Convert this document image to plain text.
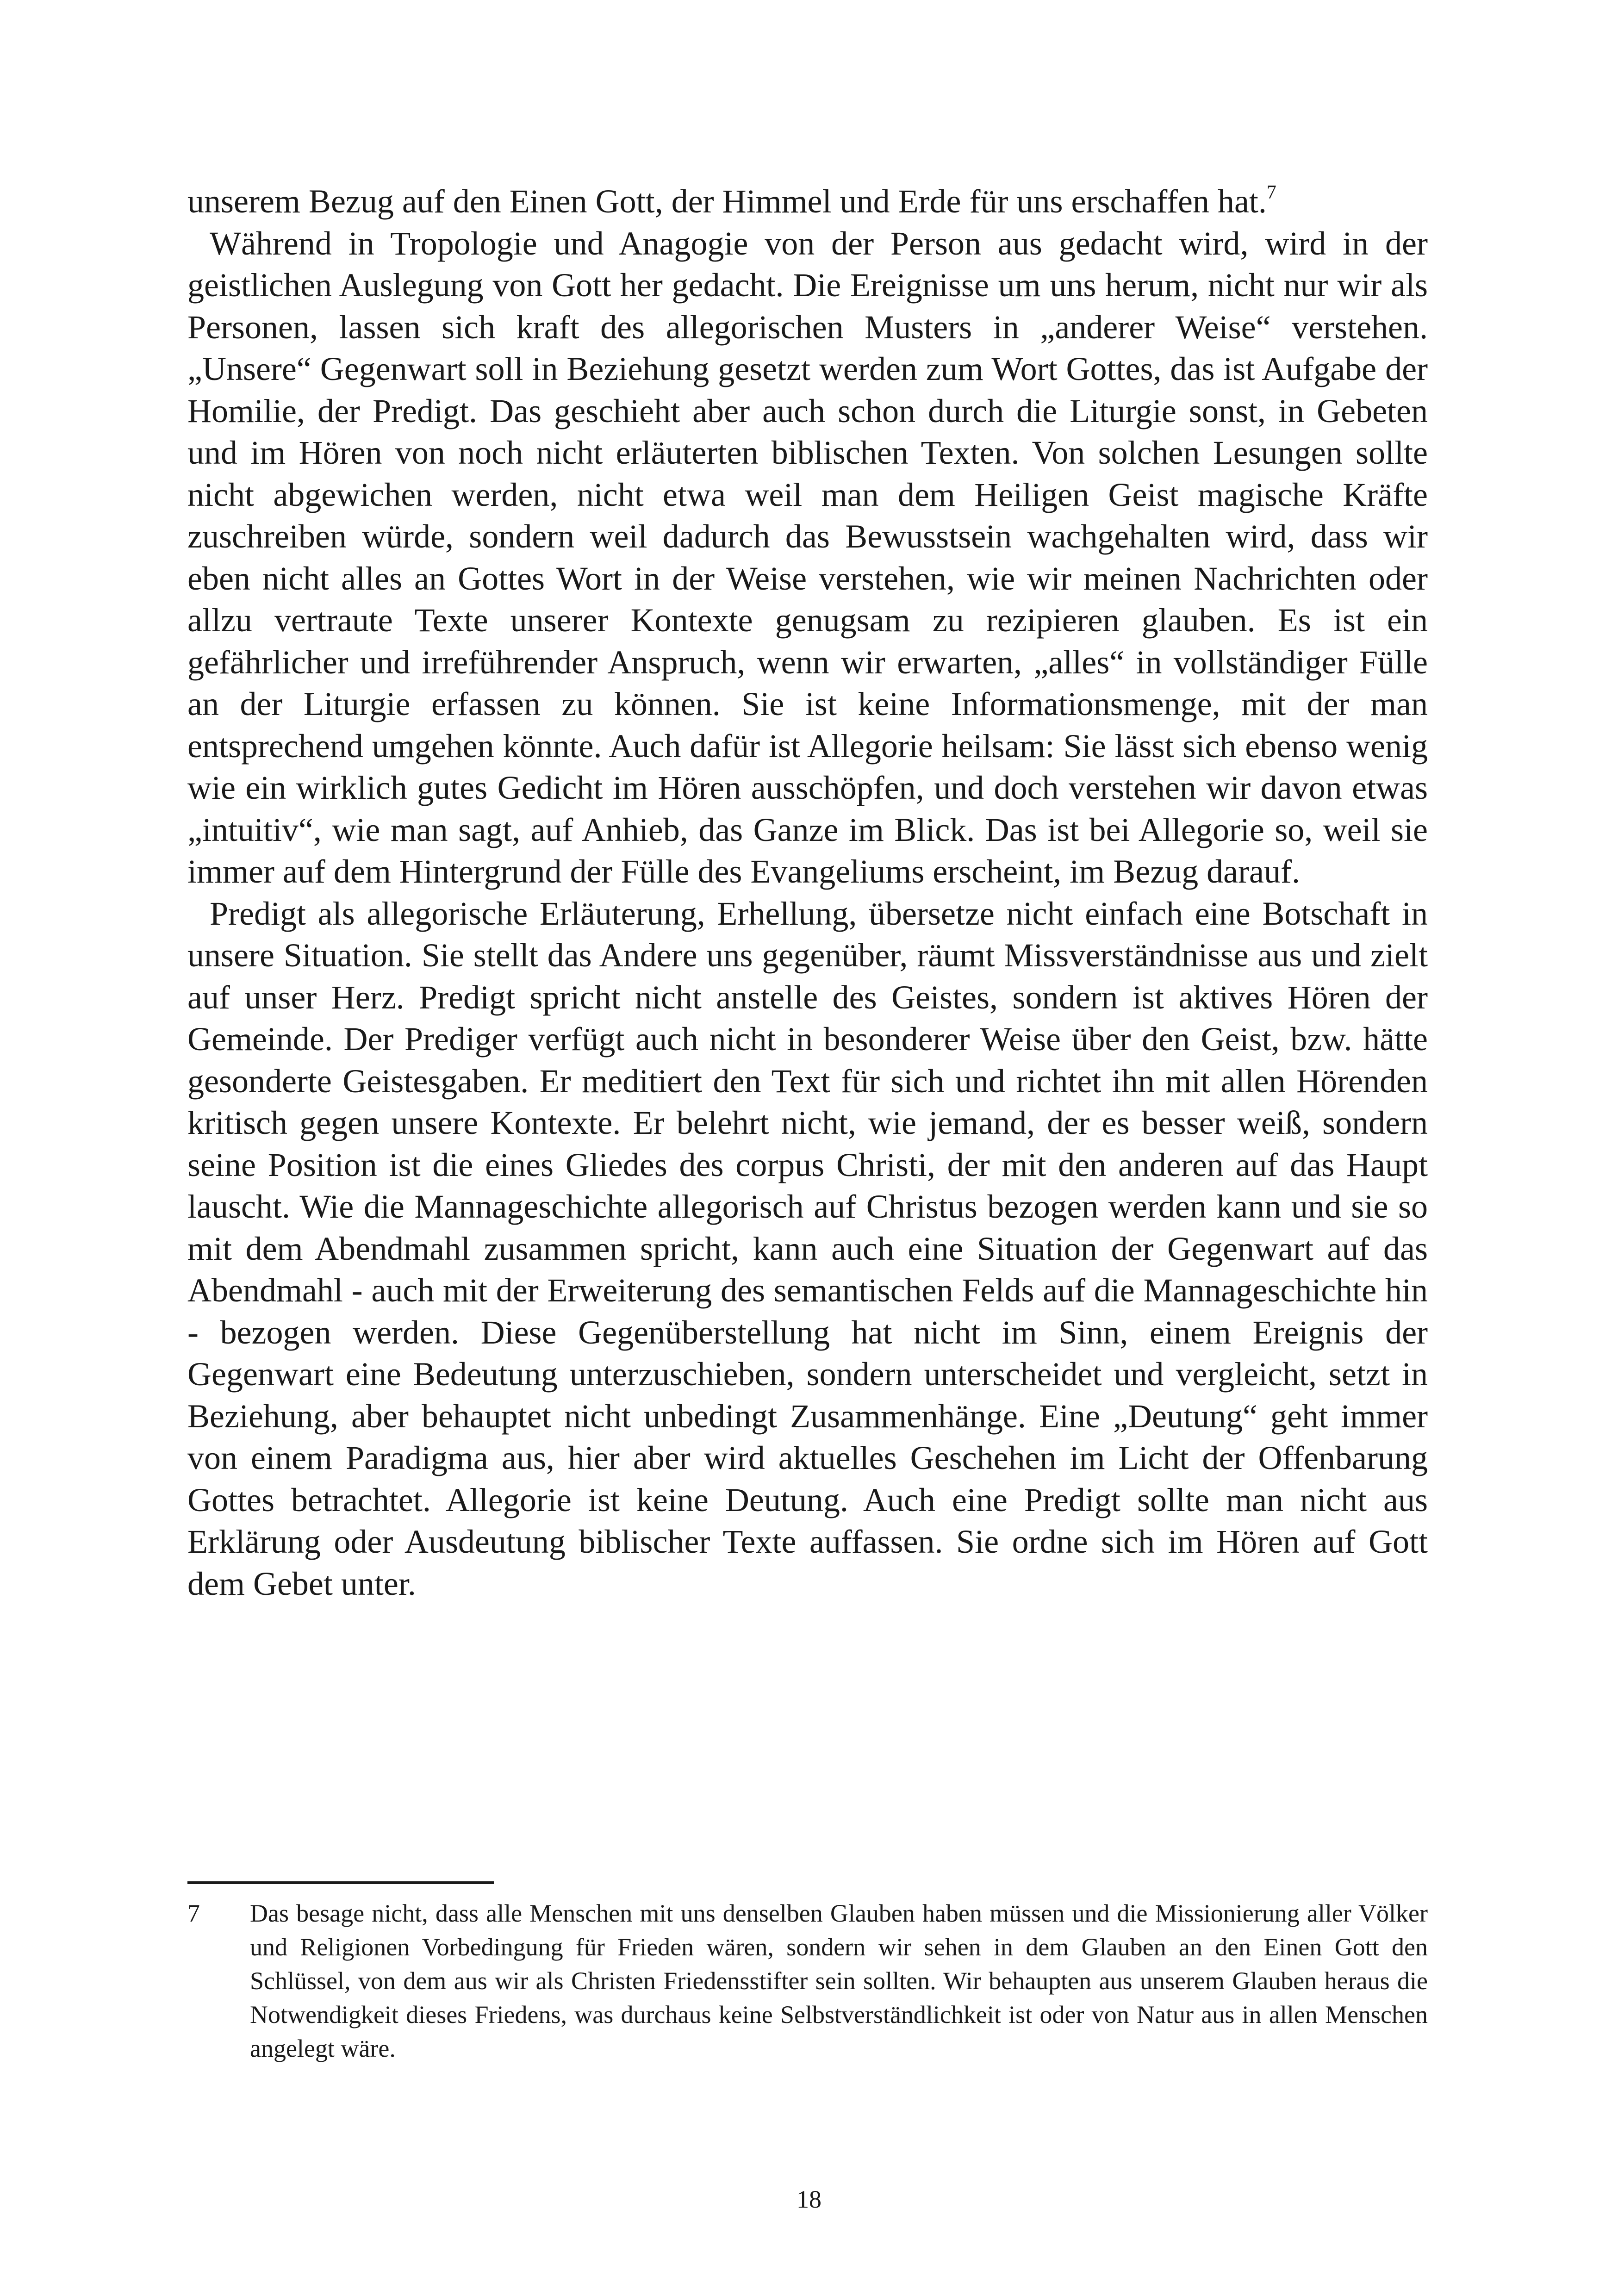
unserem Bezug auf den Einen Gott, der Himmel und Erde für uns erschaffen hat.$^7$

Während in Tropologie und Anagogie von der Person aus gedacht wird, wird in der geistlichen Auslegung von Gott her gedacht. Die Ereignisse um uns herum, nicht nur wir als Personen, lassen sich kraft des allegorischen Musters in „anderer Weise“ verstehen. „Unsere“ Gegenwart soll in Beziehung gesetzt werden zum Wort Gottes, das ist Aufgabe der Homilie, der Predigt. Das geschieht aber auch schon durch die Liturgie sonst, in Gebeten und im Hören von noch nicht erläuterten biblischen Texten. Von solchen Lesungen sollte nicht abgewichen werden, nicht etwa weil man dem Heiligen Geist magische Kräfte zuschreiben würde, sondern weil dadurch das Bewusstsein wachgehalten wird, dass wir eben nicht alles an Gottes Wort in der Weise verstehen, wie wir meinen Nachrichten oder allzu vertraute Texte unserer Kontexte genugsam zu rezipieren glauben. Es ist ein gefährlicher und irreführender Anspruch, wenn wir erwarten, „alles“ in vollständiger Fülle an der Liturgie erfassen zu können. Sie ist keine Informationsmenge, mit der man entsprechend umgehen könnte. Auch dafür ist Allegorie heilsam: Sie lässt sich ebenso wenig wie ein wirklich gutes Gedicht im Hören ausschöpfen, und doch verstehen wir davon etwas „intuitiv“, wie man sagt, auf Anhieb, das Ganze im Blick. Das ist bei Allegorie so, weil sie immer auf dem Hintergrund der Fülle des Evangeliums erscheint, im Bezug darauf.

Predigt als allegorische Erläuterung, Erhellung, übersetze nicht einfach eine Botschaft in unsere Situation. Sie stellt das Andere uns gegenüber, räumt Missverständnisse aus und zielt auf unser Herz. Predigt spricht nicht anstelle des Geistes, sondern ist aktives Hören der Gemeinde. Der Prediger verfügt auch nicht in besonderer Weise über den Geist, bzw. hätte gesonderte Geistesgaben. Er meditiert den Text für sich und richtet ihn mit allen Hörenden kritisch gegen unsere Kontexte. Er belehrt nicht, wie jemand, der es besser weiß, sondern seine Position ist die eines Gliedes des corpus Christi, der mit den anderen auf das Haupt lauscht. Wie die Mannageschichte allegorisch auf Christus bezogen werden kann und sie so mit dem Abendmahl zusammen spricht, kann auch eine Situation der Gegenwart auf das Abendmahl - auch mit der Erweiterung des semantischen Felds auf die Mannageschichte hin - bezogen werden. Diese Gegenüberstellung hat nicht im Sinn, einem Ereignis der Gegenwart eine Bedeutung unterzuschieben, sondern unterscheidet und vergleicht, setzt in Beziehung, aber behauptet nicht unbedingt Zusammenhänge. Eine „Deutung“ geht immer von einem Paradigma aus, hier aber wird aktuelles Geschehen im Licht der Offenbarung Gottes betrachtet. Allegorie ist keine Deutung. Auch eine Predigt sollte man nicht aus Erklärung oder Ausdeutung biblischer Texte auffassen. Sie ordne sich im Hören auf Gott dem Gebet unter.

7 Das besage nicht, dass alle Menschen mit uns denselben Glauben haben müssen und die Missionierung aller Völker und Religionen Vorbedingung für Frieden wären, sondern wir sehen in dem Glauben an den Einen Gott den Schlüssel, von dem aus wir als Christen Friedensstifter sein sollten. Wir behaupten aus unserem Glauben heraus die Notwendigkeit dieses Friedens, was durchaus keine Selbstverständlichkeit ist oder von Natur aus in allen Menschen angelegt wäre.
18
